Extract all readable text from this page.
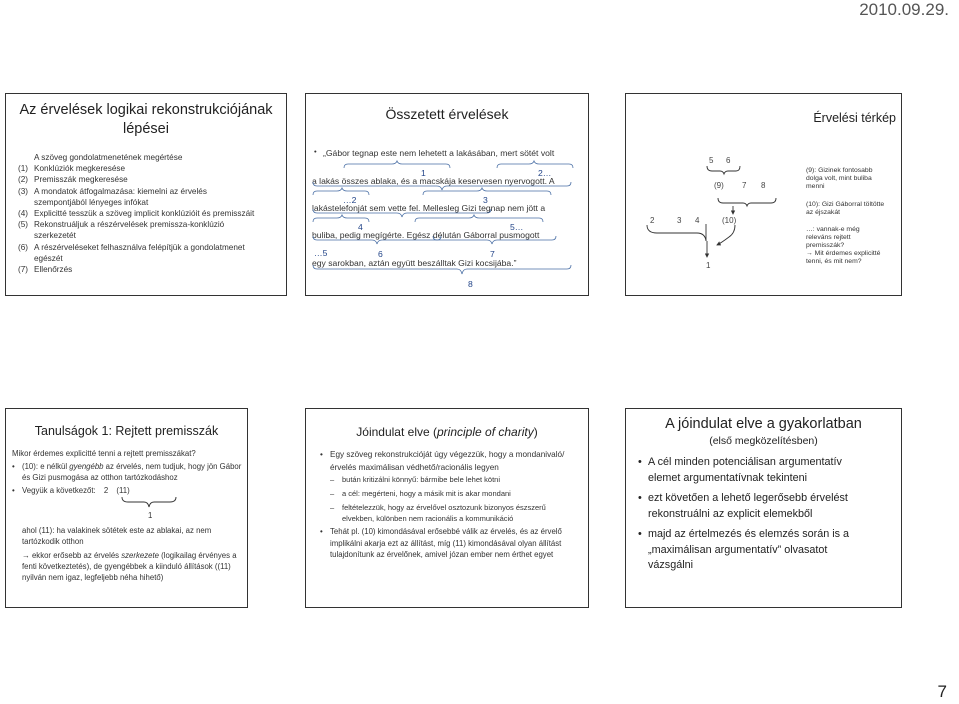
2010.09.29.
Az érvelések logikai rekonstrukciójának lépései
A szöveg gondolatmenetének megértése
(1) Konklúziók megkeresése
(2) Premisszák megkeresése
(3) A mondatok átfogalmazása: kiemelni az érvelés szempontjából lényeges infókat
(4) Explicitté tesszük a szöveg implicit konklúzióit és premisszáit
(5) Rekonstruáljuk a részérvelések premissza-konklúzió szerkezetét
(6) A részérveléseket felhasználva felépítjük a gondolatmenet egészét
(7) Ellenőrzés
Összetett érvelések
• „Gábor tegnap este nem lehetett a lakásában, mert sötét volt
a lakás összes ablaka, és a macskája keservesen nyervogott. A
lakástelefonját sem vette fel. Mellesleg Gizi tegnap nem jött a
buliba, pedig megígérte. Egész délután Gáborral pusmogott
egy sarokban, aztán együtt beszálltak Gizi kocsijába.”
1	2…
…2	3
4	5…
…5	6	7
8
Érvelési térkép
5 6
(9) 7 8
2	3 4	(10)
1
(9): Gizinek fontosabb dolga volt, mint buliba menni
(10): Gizi Gáborral töltötte az éjszakát
…: vannak-e még releváns rejtett premisszák?
→ Mit érdemes explicitté tenni, és mit nem?
Tanulságok 1: Rejtett premisszák

Mikor érdemes explicitté tenni a rejtett premisszákat?

• (10): e nélkül gyengébb az érvelés, nem tudjuk, hogy jön Gábor és Gizi pusmogása az otthon tartózkodáshoz
• Vegyük a következőt: 2 (11)
1

ahol (11): ha valakinek sötétek este az ablakai, az nem tartózkodik otthon

→ ekkor erősebb az érvelés szerkezete (logikailag érvényes a fenti következtetés), de gyengébbek a kiinduló állítások ((11) nyilván nem igaz, legfeljebb néha hihető)

Jóindulat elve (principle of charity)
• Egy szöveg rekonstrukcióját úgy végezzük, hogy a mondanivaló/érvelés maximálisan védhető/racionális legyen
–	bután kritizálni könnyű: bármibe bele lehet kötni
–	a cél: megérteni, hogy a másik mit is akar mondani
–	feltételezzük, hogy az érvelővel osztozunk bizonyos észszerű elvekben, különben nem racionális a kommunikáció
• Tehát pl. (10) kimondásával erősebbé válik az érvelés, és az érvelő implikálni akarja ezt az állítást, míg (11) kimondásával olyan állítást tulajdonítunk az érvelőnek, amivel józan ember nem érthet egyet
A jóindulat elve a gyakorlatban
(első megközelítésben)
• A cél minden potenciálisan argumentatív elemet argumentatívnak tekinteni
• ezt követően a lehető legerősebb érvelést rekonstruálni az explicit elemekből
• majd az értelmezés és elemzés során is a „maximálisan argumentatív” olvasatot vázsgálni
7
